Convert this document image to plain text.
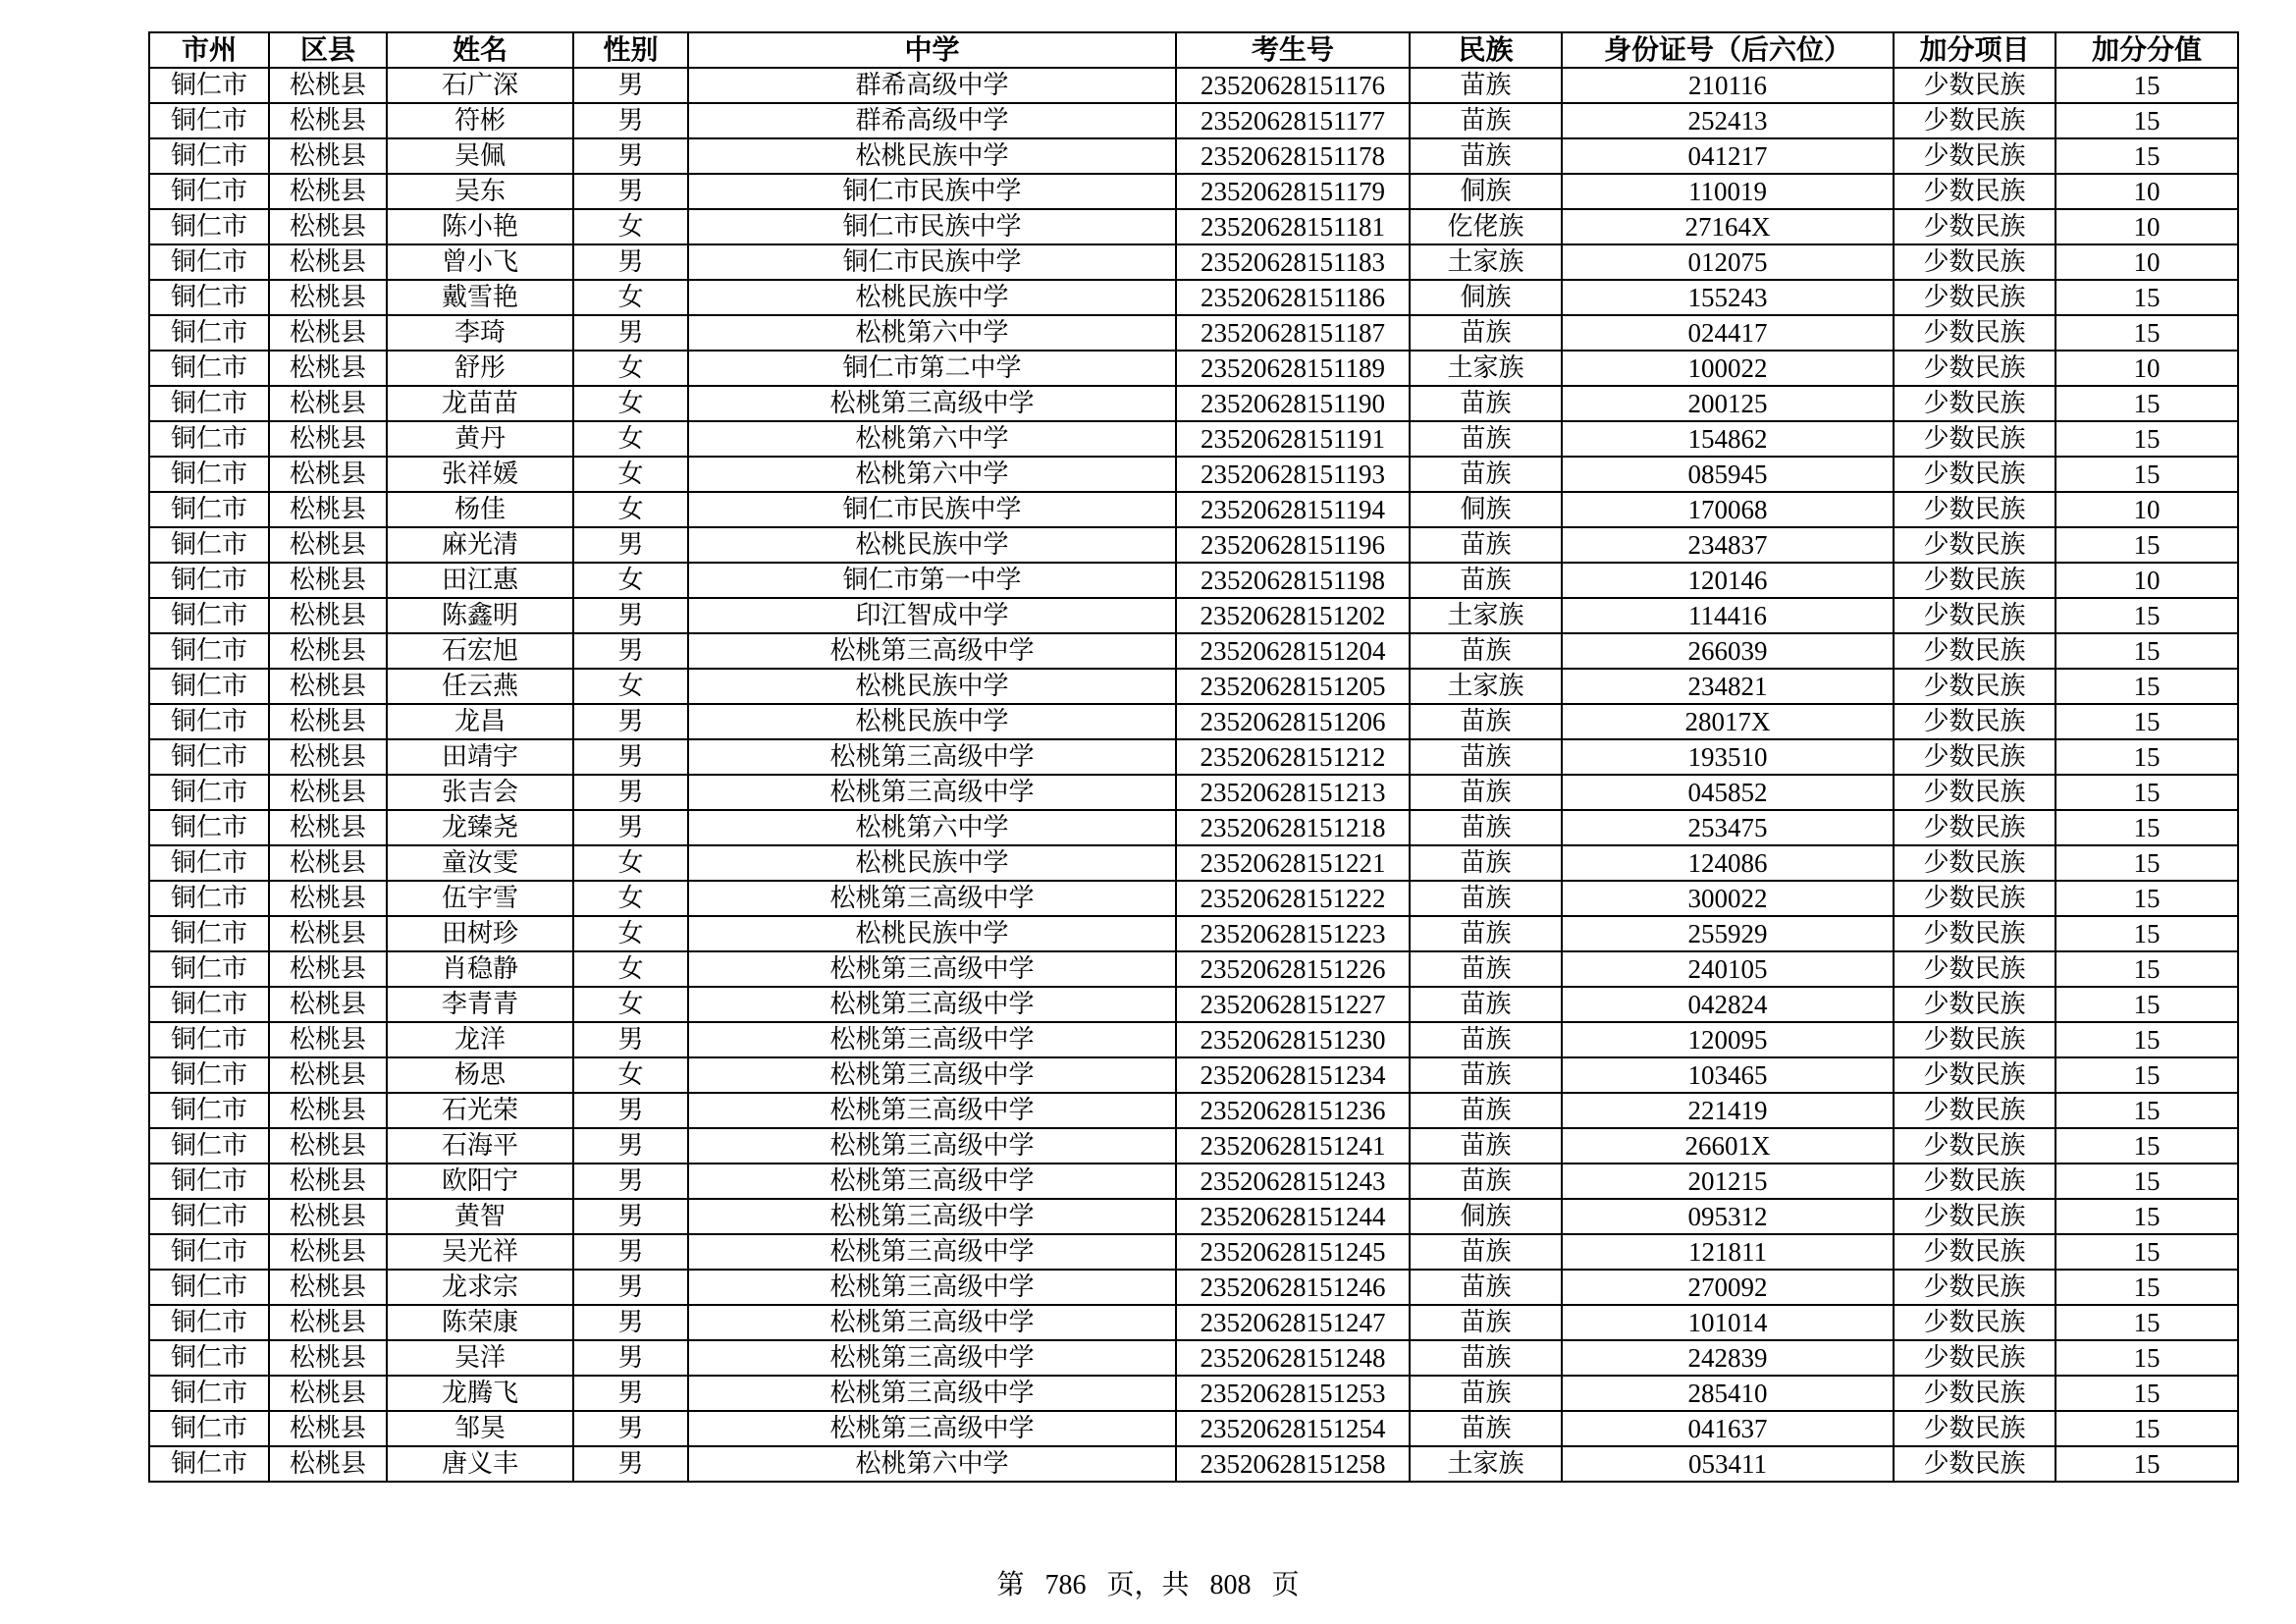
市州	区县	姓名	性别	中学	考生号	民族	身份证号（后六位）	加分项目	加分分值
铜仁市	松桃县	石广深	男	群希高级中学	23520628151176	苗族	210116	少数民族	15
铜仁市	松桃县	符彬	男	群希高级中学	23520628151177	苗族	252413	少数民族	15
铜仁市	松桃县	吴佩	男	松桃民族中学	23520628151178	苗族	041217	少数民族	15
铜仁市	松桃县	吴东	男	铜仁市民族中学	23520628151179	侗族	110019	少数民族	10
铜仁市	松桃县	陈小艳	女	铜仁市民族中学	23520628151181	仡佬族	27164X	少数民族	10
铜仁市	松桃县	曾小飞	男	铜仁市民族中学	23520628151183	土家族	012075	少数民族	10
铜仁市	松桃县	戴雪艳	女	松桃民族中学	23520628151186	侗族	155243	少数民族	15
铜仁市	松桃县	李琦	男	松桃第六中学	23520628151187	苗族	024417	少数民族	15
铜仁市	松桃县	舒彤	女	铜仁市第二中学	23520628151189	土家族	100022	少数民族	10
铜仁市	松桃县	龙苗苗	女	松桃第三高级中学	23520628151190	苗族	200125	少数民族	15
铜仁市	松桃县	黄丹	女	松桃第六中学	23520628151191	苗族	154862	少数民族	15
铜仁市	松桃县	张祥媛	女	松桃第六中学	23520628151193	苗族	085945	少数民族	15
铜仁市	松桃县	杨佳	女	铜仁市民族中学	23520628151194	侗族	170068	少数民族	10
铜仁市	松桃县	麻光清	男	松桃民族中学	23520628151196	苗族	234837	少数民族	15
铜仁市	松桃县	田江惠	女	铜仁市第一中学	23520628151198	苗族	120146	少数民族	10
铜仁市	松桃县	陈鑫明	男	印江智成中学	23520628151202	土家族	114416	少数民族	15
铜仁市	松桃县	石宏旭	男	松桃第三高级中学	23520628151204	苗族	266039	少数民族	15
铜仁市	松桃县	任云燕	女	松桃民族中学	23520628151205	土家族	234821	少数民族	15
铜仁市	松桃县	龙昌	男	松桃民族中学	23520628151206	苗族	28017X	少数民族	15
铜仁市	松桃县	田靖宇	男	松桃第三高级中学	23520628151212	苗族	193510	少数民族	15
铜仁市	松桃县	张吉会	男	松桃第三高级中学	23520628151213	苗族	045852	少数民族	15
铜仁市	松桃县	龙臻尧	男	松桃第六中学	23520628151218	苗族	253475	少数民族	15
铜仁市	松桃县	童汝雯	女	松桃民族中学	23520628151221	苗族	124086	少数民族	15
铜仁市	松桃县	伍宇雪	女	松桃第三高级中学	23520628151222	苗族	300022	少数民族	15
铜仁市	松桃县	田树珍	女	松桃民族中学	23520628151223	苗族	255929	少数民族	15
铜仁市	松桃县	肖稳静	女	松桃第三高级中学	23520628151226	苗族	240105	少数民族	15
铜仁市	松桃县	李青青	女	松桃第三高级中学	23520628151227	苗族	042824	少数民族	15
铜仁市	松桃县	龙洋	男	松桃第三高级中学	23520628151230	苗族	120095	少数民族	15
铜仁市	松桃县	杨思	女	松桃第三高级中学	23520628151234	苗族	103465	少数民族	15
铜仁市	松桃县	石光荣	男	松桃第三高级中学	23520628151236	苗族	221419	少数民族	15
铜仁市	松桃县	石海平	男	松桃第三高级中学	23520628151241	苗族	26601X	少数民族	15
铜仁市	松桃县	欧阳宁	男	松桃第三高级中学	23520628151243	苗族	201215	少数民族	15
铜仁市	松桃县	黄智	男	松桃第三高级中学	23520628151244	侗族	095312	少数民族	15
铜仁市	松桃县	吴光祥	男	松桃第三高级中学	23520628151245	苗族	121811	少数民族	15
铜仁市	松桃县	龙求宗	男	松桃第三高级中学	23520628151246	苗族	270092	少数民族	15
铜仁市	松桃县	陈荣康	男	松桃第三高级中学	23520628151247	苗族	101014	少数民族	15
铜仁市	松桃县	吴洋	男	松桃第三高级中学	23520628151248	苗族	242839	少数民族	15
铜仁市	松桃县	龙腾飞	男	松桃第三高级中学	23520628151253	苗族	285410	少数民族	15
铜仁市	松桃县	邹昊	男	松桃第三高级中学	23520628151254	苗族	041637	少数民族	15
铜仁市	松桃县	唐义丰	男	松桃第六中学	23520628151258	土家族	053411	少数民族	15
第 786 页，共 808 页
